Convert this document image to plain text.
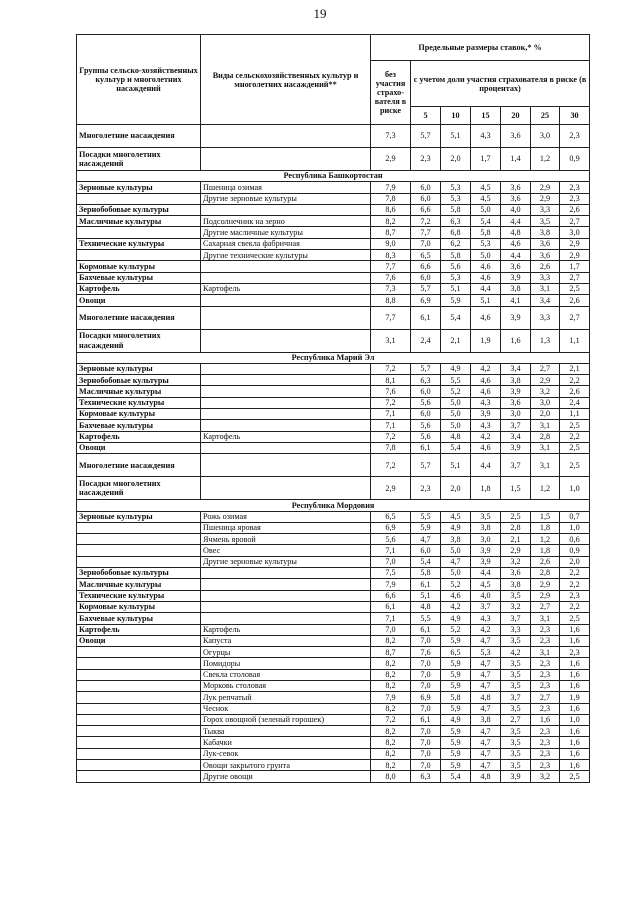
19
Группы сельско-хозяйственных культур и многолетних насаждений	Виды сельскохозяйственных культур и многолетних насаждений**	Предельные размеры ставок,* %						
		без участия страхо-вателя в риске	с учетом доли участия страхователя в риске (в процентах)					
			5	10	15	20	25	30
Многолетние насаждения		7,3	5,7	5,1	4,3	3,6	3,0	2,3
Посадки многолетних насаждений		2,9	2,3	2,0	1,7	1,4	1,2	0,9
Республика Башкортостан								
Зерновые культуры	Пшеница озимая	7,9	6,0	5,3	4,5	3,6	2,9	2,3
	Другие зерновые культуры	7,8	6,0	5,3	4,5	3,6	2,9	2,3
Зернобобовые культуры		8,6	6,6	5,8	5,0	4,0	3,3	2,6
Масличные культуры	Подсолнечник на зерно	8,2	7,2	6,3	5,4	4,4	3,5	2,7
	Другие масличные культуры	8,7	7,7	6,8	5,8	4,8	3,8	3,0
Технические культуры	Сахарная свекла фабричная	9,0	7,0	6,2	5,3	4,6	3,6	2,9
	Другие технические культуры	8,3	6,5	5,8	5,0	4,4	3,6	2,9
Кормовые культуры		7,7	6,6	5,6	4,6	3,6	2,6	1,7
Бахчевые культуры		7,6	6,0	5,3	4,6	3,9	3,3	2,7
Картофель	Картофель	7,3	5,7	5,1	4,4	3,8	3,1	2,5
Овощи		8,8	6,9	5,9	5,1	4,1	3,4	2,6
Многолетние насаждения		7,7	6,1	5,4	4,6	3,9	3,3	2,7
Посадки многолетних насаждений		3,1	2,4	2,1	1,9	1,6	1,3	1,1
Республика Марий Эл								
Зерновые культуры		7,2	5,7	4,9	4,2	3,4	2,7	2,1
Зернобобовые культуры		8,1	6,3	5,5	4,6	3,8	2,9	2,2
Масличные культуры		7,6	6,0	5,2	4,6	3,9	3,2	2,6
Технические культуры		7,2	5,6	5,0	4,3	3,6	3,0	2,4
Кормовые культуры		7,1	6,0	5,0	3,9	3,0	2,0	1,1
Бахчевые культуры		7,1	5,6	5,0	4,3	3,7	3,1	2,5
Картофель	Картофель	7,2	5,6	4,8	4,2	3,4	2,8	2,2
Овощи		7,8	6,1	5,4	4,6	3,9	3,1	2,5
Многолетние насаждения		7,2	5,7	5,1	4,4	3,7	3,1	2,5
Посадки многолетних насаждений		2,9	2,3	2,0	1,8	1,5	1,2	1,0
Республика Мордовия								
Зерновые культуры	Рожь озимая	6,5	5,5	4,5	3,5	2,5	1,5	0,7
	Пшеница яровая	6,9	5,9	4,9	3,8	2,8	1,8	1,0
	Ячмень яровой	5,6	4,7	3,8	3,0	2,1	1,2	0,6
	Овес	7,1	6,0	5,0	3,9	2,9	1,8	0,9
	Другие зерновые культуры	7,0	5,4	4,7	3,9	3,2	2,6	2,0
Зернобобовые культуры		7,5	5,8	5,0	4,4	3,6	2,8	2,2
Масличные культуры		7,9	6,1	5,2	4,5	3,8	2,9	2,2
Технические культуры		6,6	5,1	4,6	4,0	3,5	2,9	2,3
Кормовые культуры		6,1	4,8	4,2	3,7	3,2	2,7	2,2
Бахчевые культуры		7,1	5,5	4,9	4,3	3,7	3,1	2,5
Картофель	Картофель	7,0	6,1	5,2	4,2	3,3	2,3	1,6
Овощи	Капуста	8,2	7,0	5,9	4,7	3,5	2,3	1,6
	Огурцы	8,7	7,6	6,5	5,3	4,2	3,1	2,3
	Помидоры	8,2	7,0	5,9	4,7	3,5	2,3	1,6
	Свекла столовая	8,2	7,0	5,9	4,7	3,5	2,3	1,6
	Морковь столовая	8,2	7,0	5,9	4,7	3,5	2,3	1,6
	Лук репчатый	7,9	6,9	5,8	4,8	3,7	2,7	1,9
	Чеснок	8,2	7,0	5,9	4,7	3,5	2,3	1,6
	Горох овощной (зеленый горошек)	7,2	6,1	4,9	3,8	2,7	1,6	1,0
	Тыква	8,2	7,0	5,9	4,7	3,5	2,3	1,6
	Кабачки	8,2	7,0	5,9	4,7	3,5	2,3	1,6
	Лук-севок	8,2	7,0	5,9	4,7	3,5	2,3	1,6
	Овощи закрытого грунта	8,2	7,0	5,9	4,7	3,5	2,3	1,6
	Другие овощи	8,0	6,3	5,4	4,8	3,9	3,2	2,5
